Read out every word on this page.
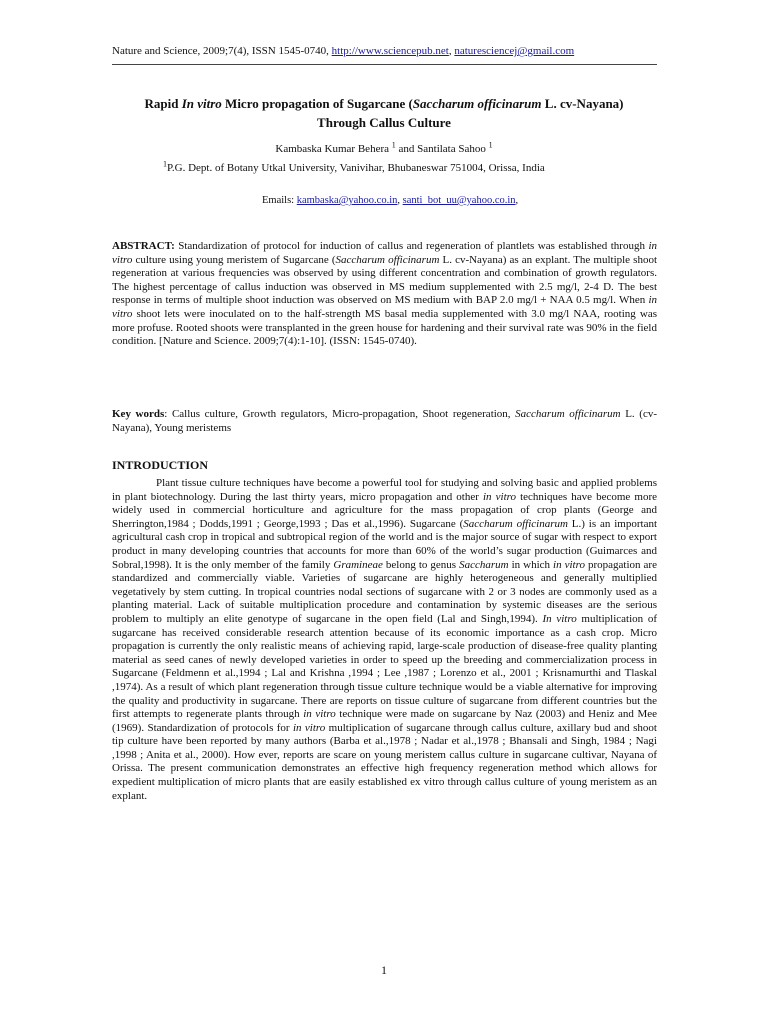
Nature and Science, 2009;7(4), ISSN 1545-0740, http://www.sciencepub.net, naturesciencej@gmail.com
Rapid In vitro Micro propagation of Sugarcane (Saccharum officinarum L. cv-Nayana) Through Callus Culture
Kambaska Kumar Behera $^1$ and Santilata Sahoo $^1$
$^1$P.G. Dept. of Botany Utkal University, Vanivihar, Bhubaneswar 751004, Orissa, India
Emails: kambaska@yahoo.co.in, santi_bot_uu@yahoo.co.in,
ABSTRACT: Standardization of protocol for induction of callus and regeneration of plantlets was established through in vitro culture using young meristem of Sugarcane (Saccharum officinarum L. cv-Nayana) as an explant. The multiple shoot regeneration at various frequencies was observed by using different concentration and combination of growth regulators. The highest percentage of callus induction was observed in MS medium supplemented with 2.5 mg/l, 2-4 D. The best response in terms of multiple shoot induction was observed on MS medium with BAP 2.0 mg/l + NAA 0.5 mg/l. When in vitro shoot lets were inoculated on to the half-strength MS basal media supplemented with 3.0 mg/l NAA, rooting was more profuse. Rooted shoots were transplanted in the green house for hardening and their survival rate was 90% in the field condition. [Nature and Science. 2009;7(4):1-10]. (ISSN: 1545-0740).
Key words: Callus culture, Growth regulators, Micro-propagation, Shoot regeneration, Saccharum officinarum L. (cv-Nayana), Young meristems
INTRODUCTION
Plant tissue culture techniques have become a powerful tool for studying and solving basic and applied problems in plant biotechnology. During the last thirty years, micro propagation and other in vitro techniques have become more widely used in commercial horticulture and agriculture for the mass propagation of crop plants (George and Sherrington,1984 ; Dodds,1991 ; George,1993 ; Das et al.,1996). Sugarcane (Saccharum officinarum L.) is an important agricultural cash crop in tropical and subtropical region of the world and is the major source of sugar with respect to export product in many developing countries that accounts for more than 60% of the world’s sugar production (Guimarces and Sobral,1998). It is the only member of the family Gramineae belong to genus Saccharum in which in vitro propagation are standardized and commercially viable. Varieties of sugarcane are highly heterogeneous and generally multiplied vegetatively by stem cutting. In tropical countries nodal sections of sugarcane with 2 or 3 nodes are commonly used as a planting material. Lack of suitable multiplication procedure and contamination by systemic diseases are the serious problem to multiply an elite genotype of sugarcane in the open field (Lal and Singh,1994). In vitro multiplication of sugarcane has received considerable research attention because of its economic importance as a cash crop. Micro propagation is currently the only realistic means of achieving rapid, large-scale production of disease-free quality planting material as seed canes of newly developed varieties in order to speed up the breeding and commercialization process in Sugarcane (Feldmenn et al.,1994 ; Lal and Krishna ,1994 ; Lee ,1987 ; Lorenzo et al., 2001 ; Krisnamurthi and Tlaskal ,1974). As a result of which plant regeneration through tissue culture technique would be a viable alternative for improving the quality and productivity in sugarcane. There are reports on tissue culture of sugarcane from different countries but the first attempts to regenerate plants through in vitro technique were made on sugarcane by Naz (2003) and Heniz and Mee (1969). Standardization of protocols for in vitro multiplication of sugarcane through callus culture, axillary bud and shoot tip culture have been reported by many authors (Barba et al.,1978 ; Nadar et al.,1978 ; Bhansali and Singh, 1984 ; Nagi ,1998 ; Anita et al., 2000). How ever, reports are scare on young meristem callus culture in sugarcane cultivar, Nayana of Orissa. The present communication demonstrates an effective high frequency regeneration method which allows for expedient multiplication of micro plants that are easily established ex vitro through callus culture of young meristem as an explant.
1
